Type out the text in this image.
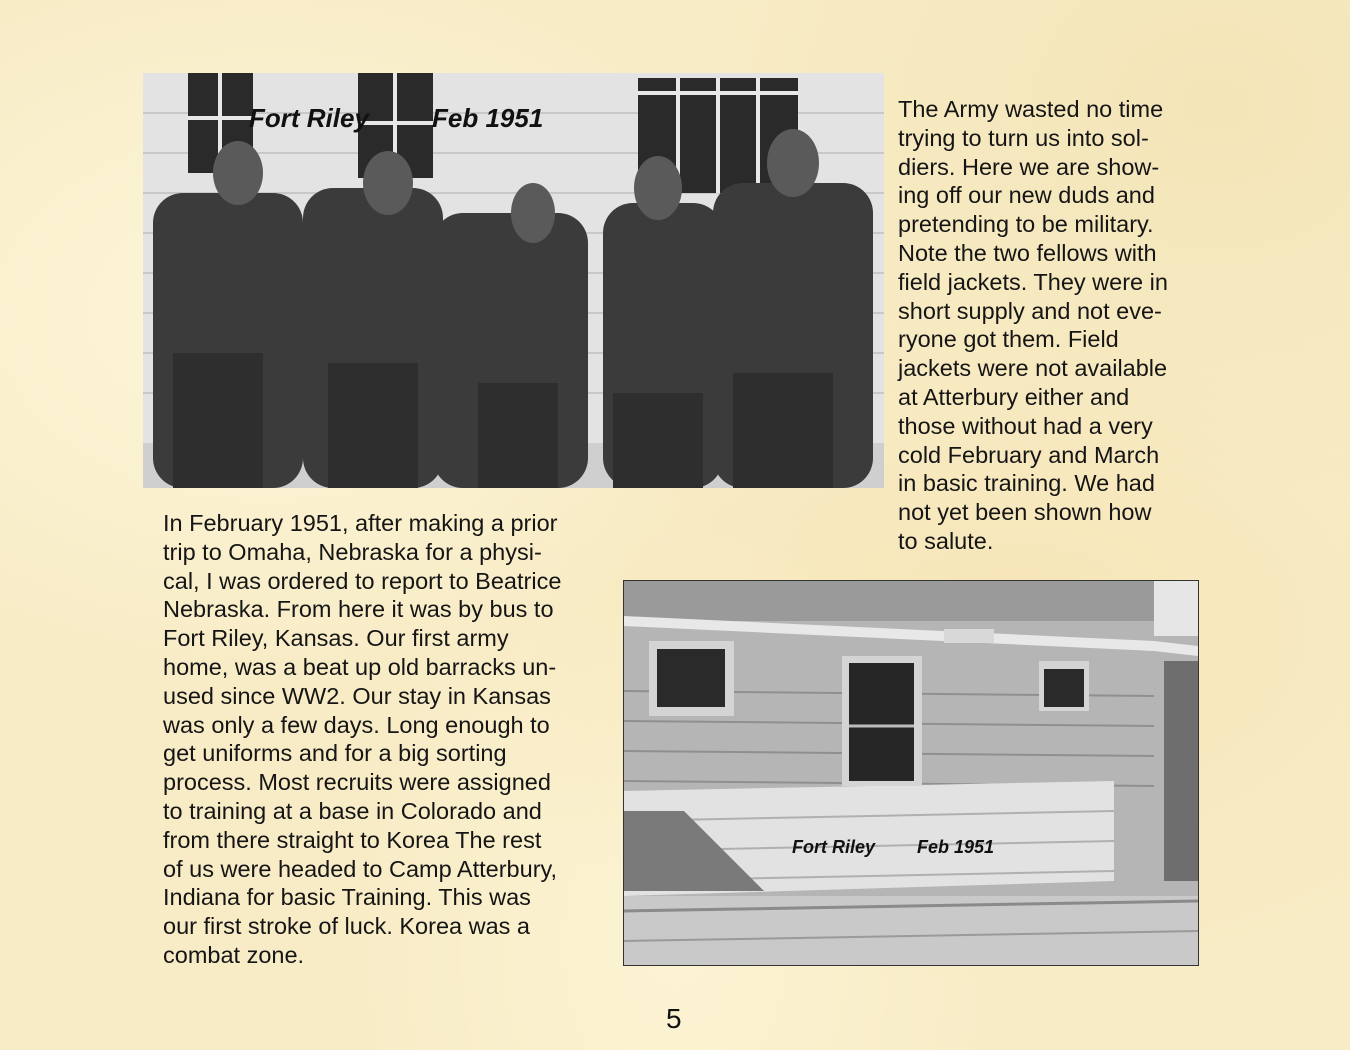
Fort Riley Feb 1951	The Army wasted no time
trying to turn us into sol-
diers. Here we are show-
ing off our new duds and
pretending to be military.
Note the two fellows with
field jackets. They were in
short supply and not eve-
ryone got them. Field
jackets were not available
at Atterbury either and
those without had a very
cold February and March
in basic training. We had
not yet been shown how
to salute.
In February 1951, after making a prior
trip to Omaha, Nebraska for a physi-
cal, I was ordered to report to Beatrice
Nebraska. From here it was by bus to
Fort Riley, Kansas. Our first army
home, was a beat up old barracks un-
used since WW2. Our stay in Kansas
was only a few days. Long enough to
get uniforms and for a big sorting
process. Most recruits were assigned
to training at a base in Colorado and
from there straight to Korea The rest
of us were headed to Camp Atterbury,
Indiana for basic Training. This was
our first stroke of luck. Korea was a
combat zone.
Fort Riley Feb 1951
5
